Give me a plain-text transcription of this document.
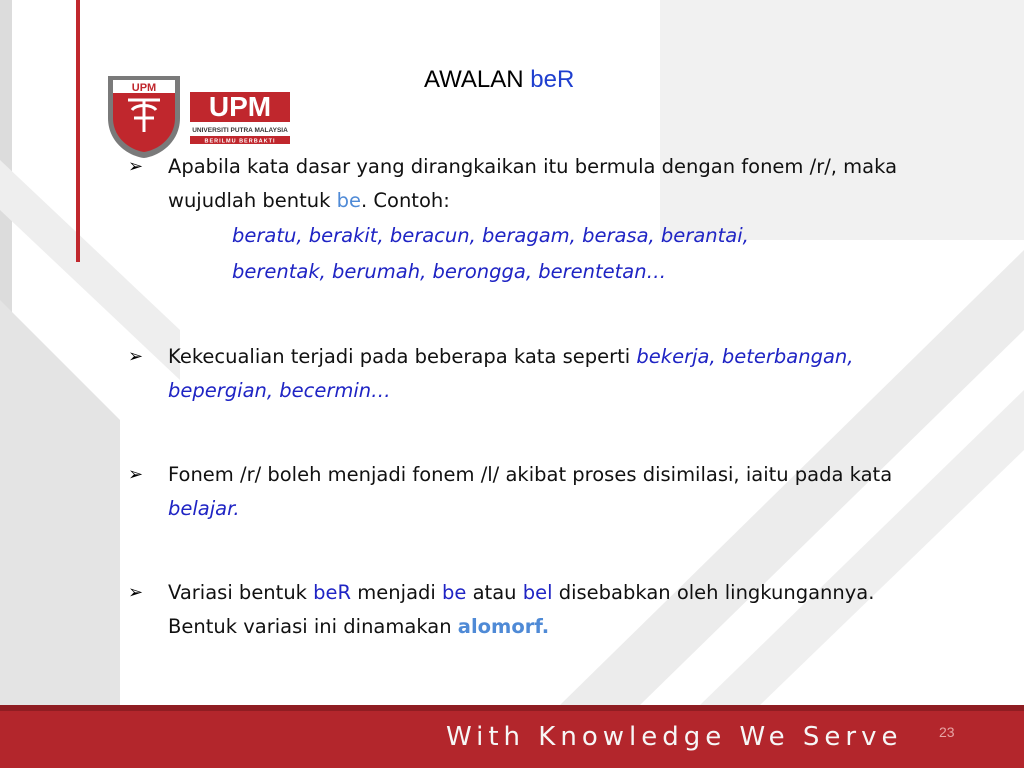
UPM
UPM
UNIVERSITI PUTRA MALAYSIA
BERILMU BERBAKTI
AWALAN beR
➢ Apabila kata dasar yang dirangkaikan itu bermula dengan fonem /r/, maka wujudlah bentuk be. Contoh:
beratu, berakit, beracun, beragam, berasa, berantai,
berentak, berumah, berongga, berentetan…
➢ Kekecualian terjadi pada beberapa kata seperti bekerja, beterbangan, bepergian, becermin…
➢ Fonem /r/ boleh menjadi fonem /l/ akibat proses disimilasi, iaitu pada kata belajar.
➢ Variasi bentuk beR menjadi be atau bel disebabkan oleh lingkungannya. Bentuk variasi ini dinamakan alomorf.
With Knowledge We Serve	23
